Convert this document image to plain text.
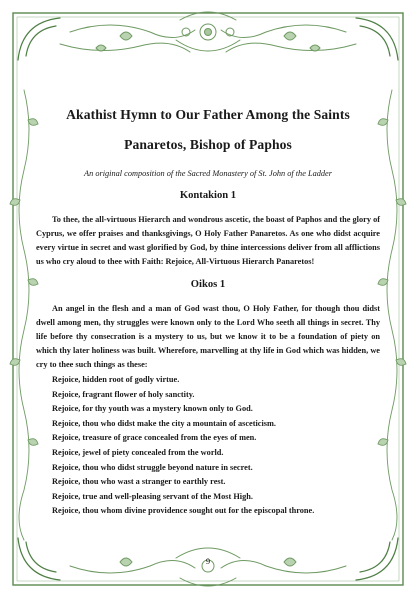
Akathist Hymn to Our Father Among the Saints Panaretos, Bishop of Paphos

An original composition of the Sacred Monastery of St. John of the Ladder

Kontakion 1

To thee, the all-virtuous Hierarch and wondrous ascetic, the boast of Paphos and the glory of Cyprus, we offer praises and thanksgivings, O Holy Father Panaretos. As one who didst acquire every virtue in secret and wast glorified by God, by thine intercessions deliver from all afflictions us who cry aloud to thee with Faith: Rejoice, All-Virtuous Hierarch Panaretos!

Oikos 1

An angel in the flesh and a man of God wast thou, O Holy Father, for though thou didst dwell among men, thy struggles were known only to the Lord Who seeth all things in secret. Thy life before thy consecration is a mystery to us, but we know it to be a foundation of piety on which thy later holiness was built. Wherefore, marvelling at thy life in God which was hidden, we cry to thee such things as these:

Rejoice, hidden root of godly virtue.
Rejoice, fragrant flower of holy sanctity.
Rejoice, for thy youth was a mystery known only to God.
Rejoice, thou who didst make the city a mountain of asceticism.
Rejoice, treasure of grace concealed from the eyes of men.
Rejoice, jewel of piety concealed from the world.
Rejoice, thou who didst struggle beyond nature in secret.
Rejoice, thou who wast a stranger to earthly rest.
Rejoice, true and well-pleasing servant of the Most High.
Rejoice, thou whom divine providence sought out for the episcopal throne.
9
